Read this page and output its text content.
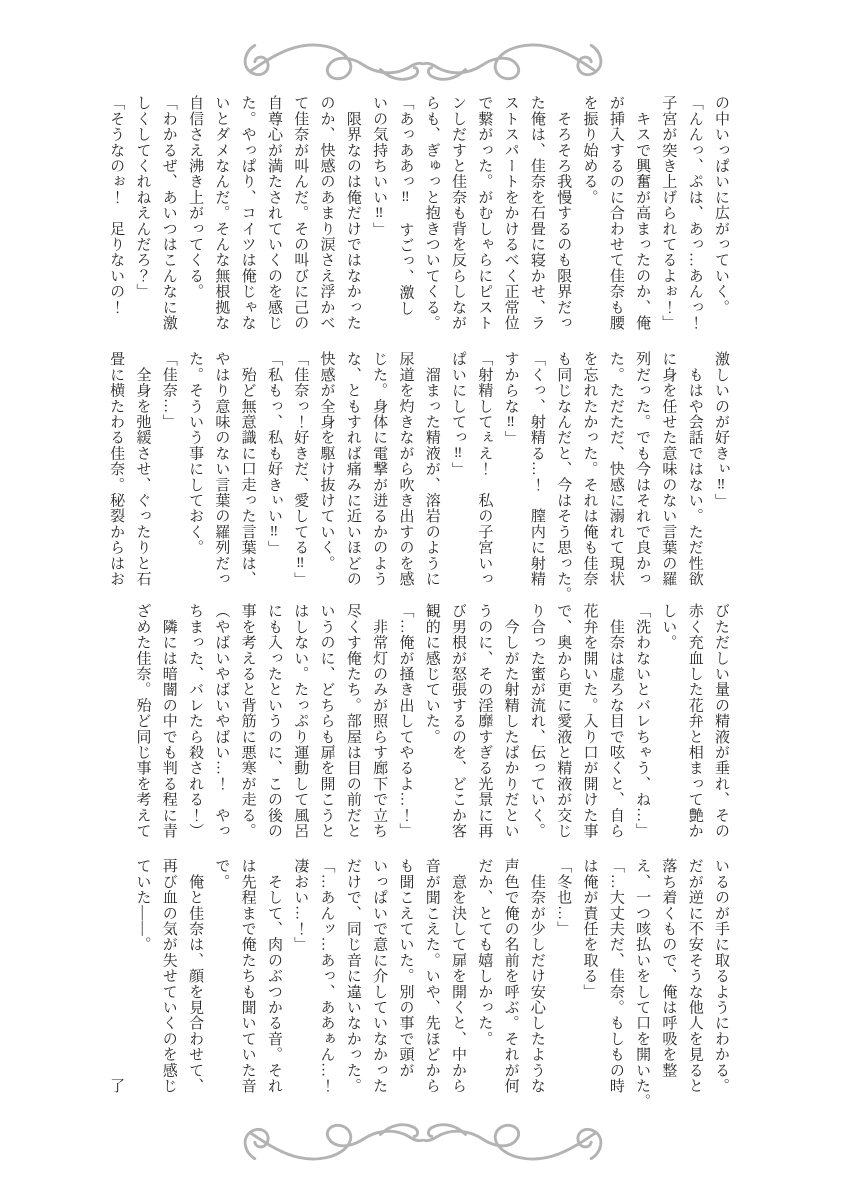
の中いっぱいに広がっていく。
「んんっ、ぷは、あっ…あんっ！
子宮が突き上げられてるよぉ！」
　キスで興奮が高まったのか、俺
が挿入するのに合わせて佳奈も腰
を振り始める。
　そろそろ我慢するのも限界だっ
た俺は、佳奈を石畳に寝かせ、ラ
ストスパートをかけるべく正常位
で繋がった。がむしゃらにピスト
ンしだすと佳奈も背を反らしなが
らも、ぎゅっと抱きついてくる。
「あっああっ‼　すごっ、激し
いの気持ちいい‼」
　限界なのは俺だけではなかった
のか、快感のあまり涙さえ浮かべ
て佳奈が叫んだ。その叫びに己の
自尊心が満たされていくのを感じ
た。やっぱり、コイツは俺じゃな
いとダメなんだ。そんな無根拠な
自信さえ沸き上がってくる。
「わかるぜ、あいつはこんなに激
しくしてくれねえんだろ？」
「そうなのぉ！　足りないの！
激しいのが好きぃ‼」
　もはや会話ではない。ただ性欲
に身を任せた意味のない言葉の羅
列だった。でも今はそれで良かっ
た。ただただ、快感に溺れて現状
を忘れたかった。それは俺も佳奈
も同じなんだと、今はそう思った。
「くっ、射精る…！　膣内に射精
すからな‼」
「射精してぇえ！　私の子宮いっ
ぱいにしてっ‼」
　溜まった精液が、溶岩のように
尿道を灼きながら吹き出すのを感
じた。身体に電撃が迸るかのよう
な、ともすれば痛みに近いほどの
快感が全身を駆け抜けていく。
「佳奈っ！好きだ、愛してる‼」
「私もっ、私も好きぃい‼」
　殆ど無意識に口走った言葉は、
やはり意味のない言葉の羅列だっ
た。そういう事にしておく。
「佳奈…」
　全身を弛緩させ、ぐったりと石
畳に横たわる佳奈。秘裂からはお
びただしい量の精液が垂れ、その
赤く充血した花弁と相まって艶か
しい。
「洗わないとバレちゃう、ね…」
　佳奈は虚ろな目で呟くと、自ら
花弁を開いた。入り口が開けた事
で、奥から更に愛液と精液が交じ
り合った蜜が流れ、伝っていく。
　今しがた射精したばかりだとい
うのに、その淫靡すぎる光景に再
び男根が怒張するのを、どこか客
観的に感じていた。
「…俺が掻き出してやるよ…！」
　非常灯のみが照らす廊下で立ち
尽くす俺たち。部屋は目の前だと
いうのに、どちらも扉を開こうと
はしない。たっぷり運動して風呂
にも入ったというのに、この後の
事を考えると背筋に悪寒が走る。
（やばいやばいやばい…！　やっ
ちまった、バレたら殺される！）
　隣には暗闇の中でも判る程に青
ざめた佳奈。殆ど同じ事を考えて
いるのが手に取るようにわかる。
だが逆に不安そうな他人を見ると
落ち着くもので、俺は呼吸を整
え、一つ咳払いをして口を開いた。
「…大丈夫だ、佳奈。もしもの時
は俺が責任を取る」
「冬也…」
　佳奈が少しだけ安心したような
声色で俺の名前を呼ぶ。それが何
だか、とても嬉しかった。
　意を決して扉を開くと、中から
音が聞こえた。いや、先ほどから
も聞こえていた。別の事で頭が
いっぱいで意に介していなかった
だけで、同じ音に違いなかった。
「…あんッ…あっ、ああぁん…！
凄おい…！」
　そして、肉のぶつかる音。それ
は先程まで俺たちも聞いていた音
で。
　俺と佳奈は、顔を見合わせて、
再び血の気が失せていくのを感じ
ていた――。
　　　　　　　　　　　　　　了
